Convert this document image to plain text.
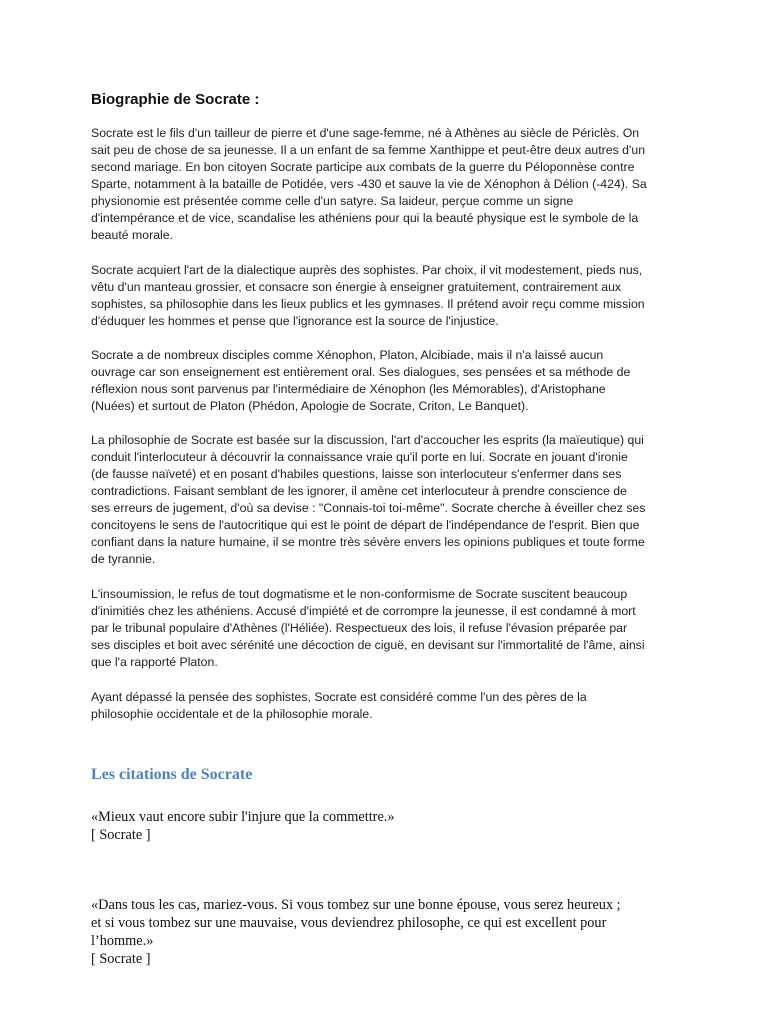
Biographie de Socrate :

Socrate est le fils d'un tailleur de pierre et d'une sage-femme, né à Athènes au siècle de Périclès. On
sait peu de chose de sa jeunesse. Il a un enfant de sa femme Xanthippe et peut-être deux autres d'un
second mariage. En bon citoyen Socrate participe aux combats de la guerre du Péloponnèse contre
Sparte, notamment à la bataille de Potidée, vers -430 et sauve la vie de Xénophon à Délion (-424). Sa
physionomie est présentée comme celle d'un satyre. Sa laideur, perçue comme un signe
d'intempérance et de vice, scandalise les athéniens pour qui la beauté physique est le symbole de la
beauté morale.

Socrate acquiert l'art de la dialectique auprès des sophistes. Par choix, il vit modestement, pieds nus,
vêtu d'un manteau grossier, et consacre son énergie à enseigner gratuitement, contrairement aux
sophistes, sa philosophie dans les lieux publics et les gymnases. Il prétend avoir reçu comme mission
d'éduquer les hommes et pense que l'ignorance est la source de l'injustice.

Socrate a de nombreux disciples comme Xénophon, Platon, Alcibiade, mais il n'a laissé aucun
ouvrage car son enseignement est entièrement oral. Ses dialogues, ses pensées et sa méthode de
réflexion nous sont parvenus par l'intermédiaire de Xénophon (les Mémorables), d'Aristophane
(Nuées) et surtout de Platon (Phédon, Apologie de Socrate, Criton, Le Banquet).

La philosophie de Socrate est basée sur la discussion, l'art d'accoucher les esprits (la maïeutique) qui
conduit l'interlocuteur à découvrir la connaissance vraie qu'il porte en lui. Socrate en jouant d'ironie
(de fausse naïveté) et en posant d'habiles questions, laisse son interlocuteur s'enfermer dans ses
contradictions. Faisant semblant de les ignorer, il amène cet interlocuteur à prendre conscience de
ses erreurs de jugement, d'où sa devise : "Connais-toi toi-même". Socrate cherche à éveiller chez ses
concitoyens le sens de l'autocritique qui est le point de départ de l'indépendance de l'esprit. Bien que
confiant dans la nature humaine, il se montre très sévère envers les opinions publiques et toute forme
de tyrannie.

L'insoumission, le refus de tout dogmatisme et le non-conformisme de Socrate suscitent beaucoup
d'inimitiés chez les athéniens. Accusé d'impiété et de corrompre la jeunesse, il est condamné à mort
par le tribunal populaire d'Athènes (l'Héliée). Respectueux des lois, il refuse l'évasion préparée par
ses disciples et boit avec sérénité une décoction de ciguë, en devisant sur l'immortalité de l'âme, ainsi
que l'a rapporté Platon.

Ayant dépassé la pensée des sophistes, Socrate est considéré comme l'un des pères de la
philosophie occidentale et de la philosophie morale.

Les citations de Socrate
«Mieux vaut encore subir l'injure que la commettre.»
[ Socrate ]
«Dans tous les cas, mariez-vous. Si vous tombez sur une bonne épouse, vous serez heureux ;
et si vous tombez sur une mauvaise, vous deviendrez philosophe, ce qui est excellent pour
l’homme.»
[ Socrate ]
